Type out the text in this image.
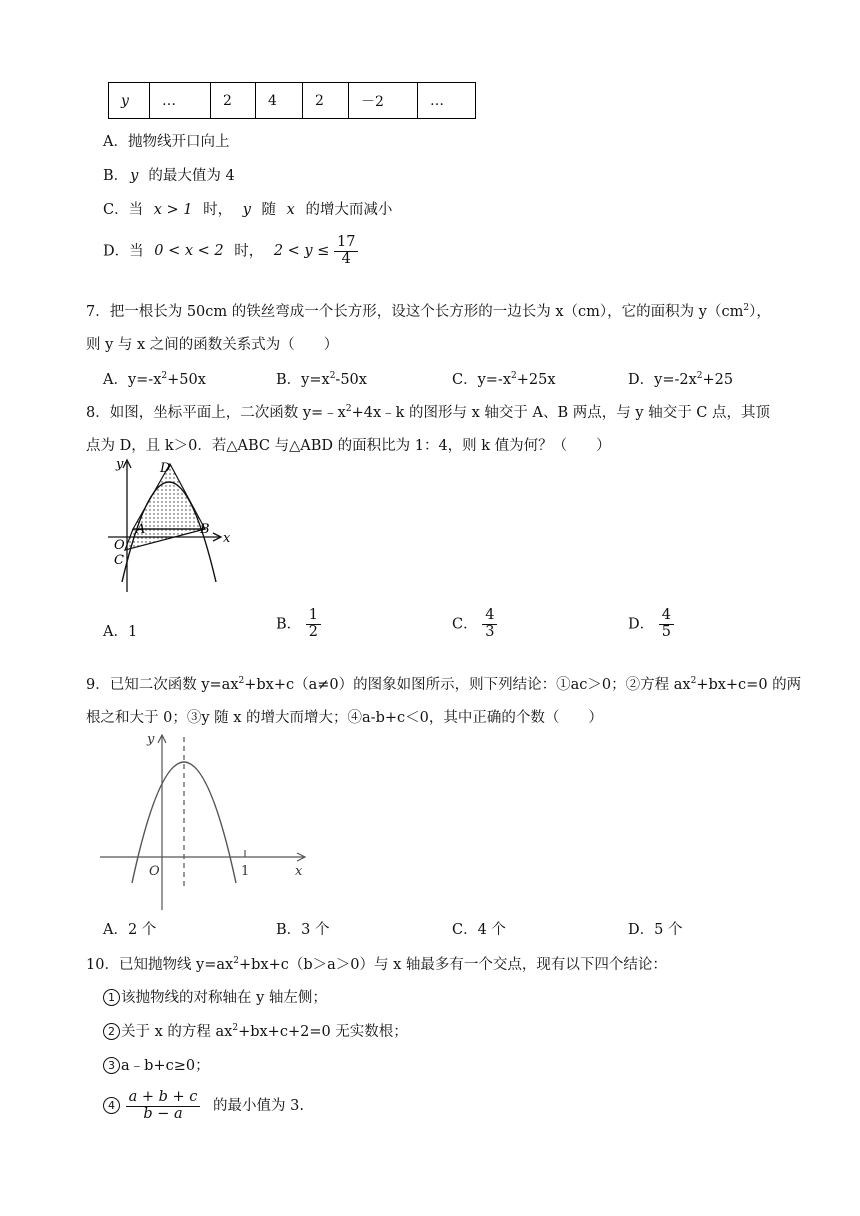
y	…	2	4	2	－2	…
A．抛物线开口向上
B． y 的最大值为 4
C．当 x > 1 时， y 随 x 的增大而减小
D．当 0 < x < 2 时， $2 < y \le \frac{17}{4}$
7．把一根长为 50cm 的铁丝弯成一个长方形，设这个长方形的一边长为 x（cm），它的面积为 $y(cm^2)$，
则 y 与 x 之间的函数关系式为（　　）
A．$y=-x^2+50x$	B．$y=x^2-50x$	C．$y=-x^2+25x$	D．$y=-2x^2+25$
8．如图，坐标平面上，二次函数 $y=﹣x^2+4x﹣k$ 的图形与 x 轴交于 A、B 两点，与 y 轴交于 C 点，其顶
点为 D，且 k＞0．若△ABC 与△ABD 的面积比为 1：4，则 k 值为何？（　　）
y
x
D
A	B
O
C
A．1	B． $\frac{1}{2}$	C． $\frac{4}{3}$	D． $\frac{4}{5}$
9．已知二次函数 $y=ax^2+bx+c(a\ne 0)$的图象如图所示，则下列结论：①ac＞0；②方程 $ax^2+bx+c=0$ 的两
根之和大于 0；③y 随 x 的增大而增大；④a-b+c＜0，其中正确的个数（　　）
y
x
O	1
A．2 个	B．3 个	C．4 个	D．5 个
10．已知抛物线 $y=ax^2+bx+c(b>a>0)$与 x 轴最多有一个交点，现有以下四个结论：
1 该抛物线的对称轴在 y 轴左侧；
2 关于 x 的方程 $ax^2+bx+c+2=0$ 无实数根；
3 a﹣b+c≥0；
$4 \frac{a + b + c}{b - a}$ 的最小值为 3.
